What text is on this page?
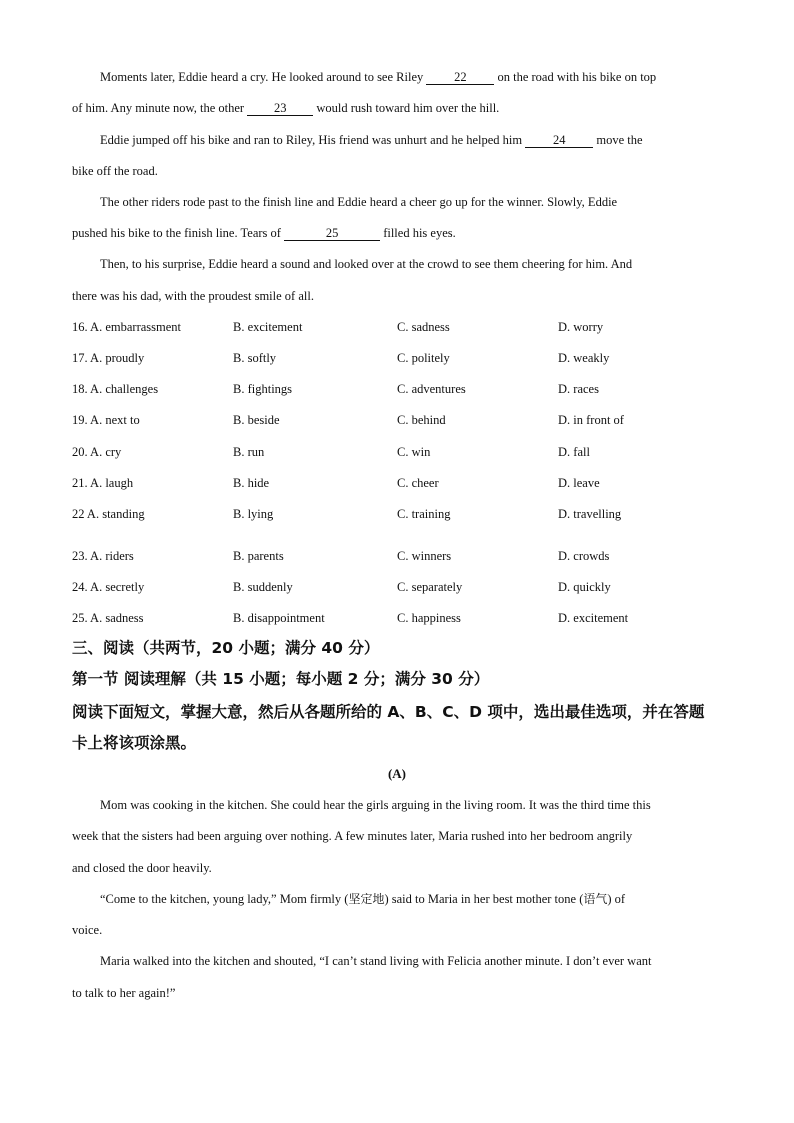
Moments later, Eddie heard a cry. He looked around to see Riley 22 on the road with his bike on top
of him. Any minute now, the other 23 would rush toward him over the hill.
Eddie jumped off his bike and ran to Riley, His friend was unhurt and he helped him 24 move the
bike off the road.
The other riders rode past to the finish line and Eddie heard a cheer go up for the winner. Slowly, Eddie
pushed his bike to the finish line. Tears of	25	filled his eyes.
Then, to his surprise, Eddie heard a sound and looked over at the crowd to see them cheering for him. And
there was his dad, with the proudest smile of all.
16. A. embarrassment	B. excitement	C. sadness	D. worry
17. A. proudly	B. softly	C. politely	D. weakly
18. A. challenges	B. fightings	C. adventures	D. races
19. A. next to	B. beside	C. behind	D. in front of
20. A. cry	B. run	C. win	D. fall
21. A. laugh	B. hide	C. cheer	D. leave
22 A. standing	B. lying	C. training	D. travelling
23. A. riders	B. parents	C. winners	D. crowds
24. A. secretly	B. suddenly	C. separately	D. quickly
25. A. sadness	B. disappointment	C. happiness	D. excitement
三、阅读（共两节，20 小题；满分 40 分）
第一节 阅读理解（共 15 小题；每小题 2 分；满分 30 分）
阅读下面短文，掌握大意，然后从各题所给的 A、B、C、D 项中，选出最佳选项，并在答题
卡上将该项涂黑。
(A)
Mom was cooking in the kitchen. She could hear the girls arguing in the living room. It was the third time this
week that the sisters had been arguing over nothing. A few minutes later, Maria rushed into her bedroom angrily
and closed the door heavily.
“Come to the kitchen, young lady,” Mom firmly (坚定地) said to Maria in her best mother tone (语气) of
voice.
Maria walked into the kitchen and shouted, “I can’t stand living with Felicia another minute. I don’t ever want
to talk to her again!”
